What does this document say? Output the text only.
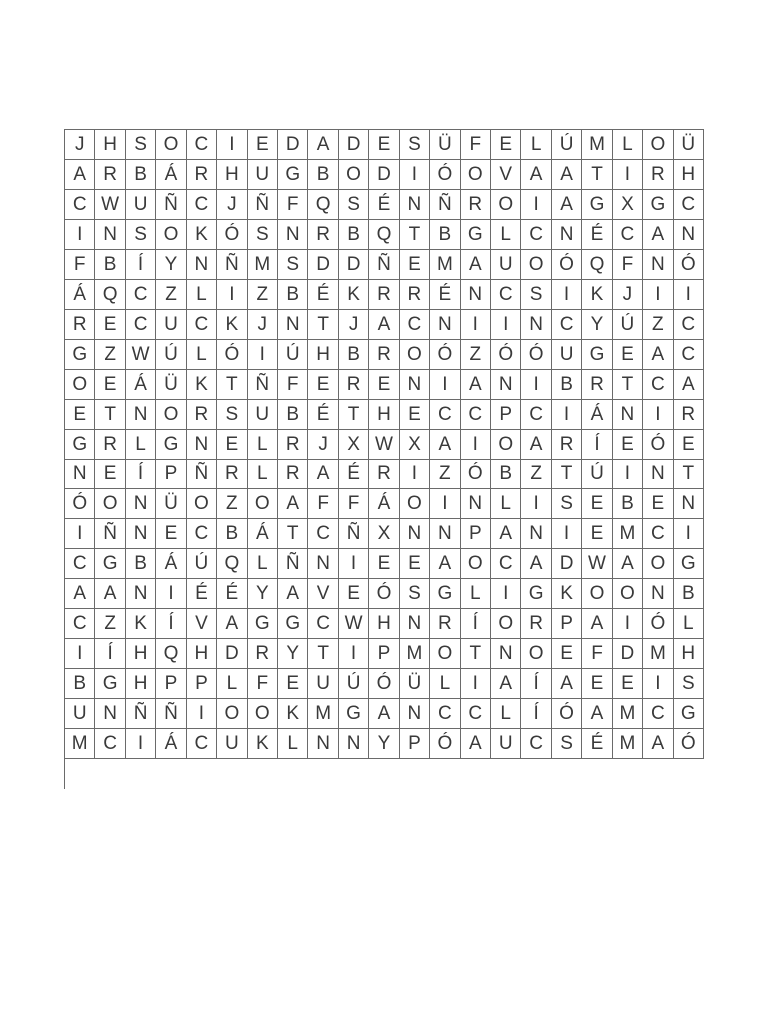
J H S O C	I	E D A D E S Ü F E L Ú M L O Ü
A R B Á R H U G B O D	I	Ó O V A A T	I	R H
C W U Ñ C J Ñ F Q S É N Ñ R O	I	A G X G C
I	N S O K Ó S N R B Q T B G L C N É C A N
F B	Í	Y N Ñ M S D D Ñ E M A U O Ó Q F N Ó
Á Q C Z	L	I	Z B É K R R É N C S	I	K	J	I	I
R E C U C K	J N T	J	A C N	I	I	N C Y Ú Z C
G Z W Ú L Ó	I	Ú H B R O Ó Z Ó Ó U G E A C
O E Á Ü K T Ñ F E R E N	I	A N	I	B R T C A
E T N O R S U B É T H E C C P C	I	Á N	I	R
G R L G N E L R J	X W X A	I	O A R	Í	E Ó E
N E	Í	P Ñ R L R A É R	I	Z Ó B Z T Ú	I	N T
Ó O N Ü O Z O A F F Á O	I	N L	I	S E B E N
I	Ñ N E C B Á T C Ñ X N N P A N	I	E M C	I
C G B Á Ú Q L Ñ N	I	E E A O C A D W A O G
A A N	I	É É Y A V E Ó S G L	I	G K O O N B
C Z K	Í	V A G G C W H N R	Í	O R P A	I	Ó L
I	Í	H Q H D R Y T	I	P M O T N O E F D M H
B G H P P L	F E U Ú Ó Ü L	I	A	Í	A E E	I	S
U N Ñ Ñ	I	O O K M G A N C C L	Í	Ó A M C G
M C	I	Á C U K L N N Y P Ó A U C S É M A Ó
